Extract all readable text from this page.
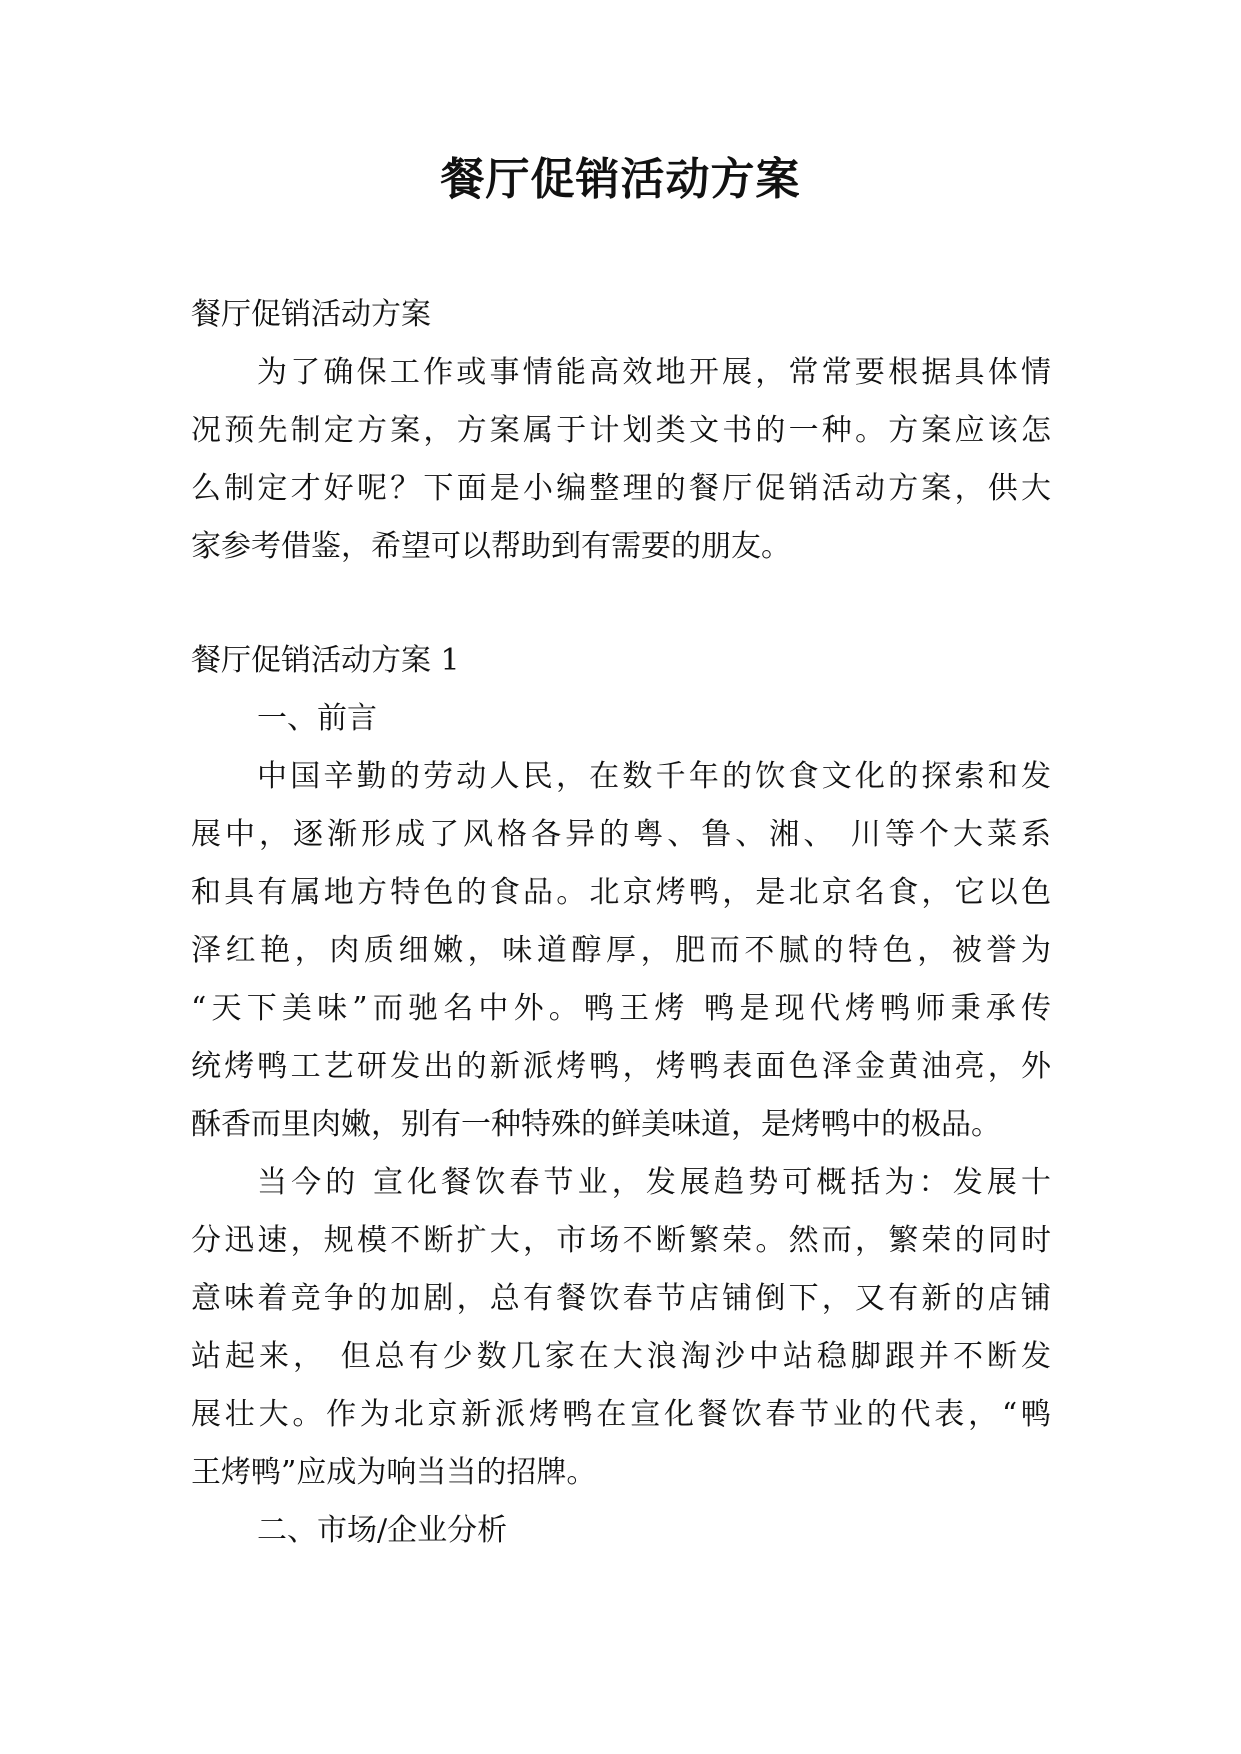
餐厅促销活动方案

餐厅促销活动方案

为了确保工作或事情能高效地开展，常常要根据具体情

况预先制定方案，方案属于计划类文书的一种。方案应该怎

么制定才好呢？下面是小编整理的餐厅促销活动方案，供大

家参考借鉴，希望可以帮助到有需要的朋友。

餐厅促销活动方案 1

一、前言

中国辛勤的劳动人民，在数千年的饮食文化的探索和发

展中，逐渐形成了风格各异的粤、鲁、湘、 川等个大菜系

和具有属地方特色的食品。北京烤鸭，是北京名食，它以色

泽红艳，肉质细嫩，味道醇厚，肥而不腻的特色，被誉为

“天下美味”而驰名中外。鸭王烤 鸭是现代烤鸭师秉承传

统烤鸭工艺研发出的新派烤鸭，烤鸭表面色泽金黄油亮，外

酥香而里肉嫩，别有一种特殊的鲜美味道，是烤鸭中的极品。

当今的 宣化餐饮春节业，发展趋势可概括为：发展十

分迅速，规模不断扩大，市场不断繁荣。然而，繁荣的同时

意味着竞争的加剧，总有餐饮春节店铺倒下，又有新的店铺

站起来， 但总有少数几家在大浪淘沙中站稳脚跟并不断发

展壮大。作为北京新派烤鸭在宣化餐饮春节业的代表，“鸭

王烤鸭”应成为响当当的招牌。

二、市场/企业分析
